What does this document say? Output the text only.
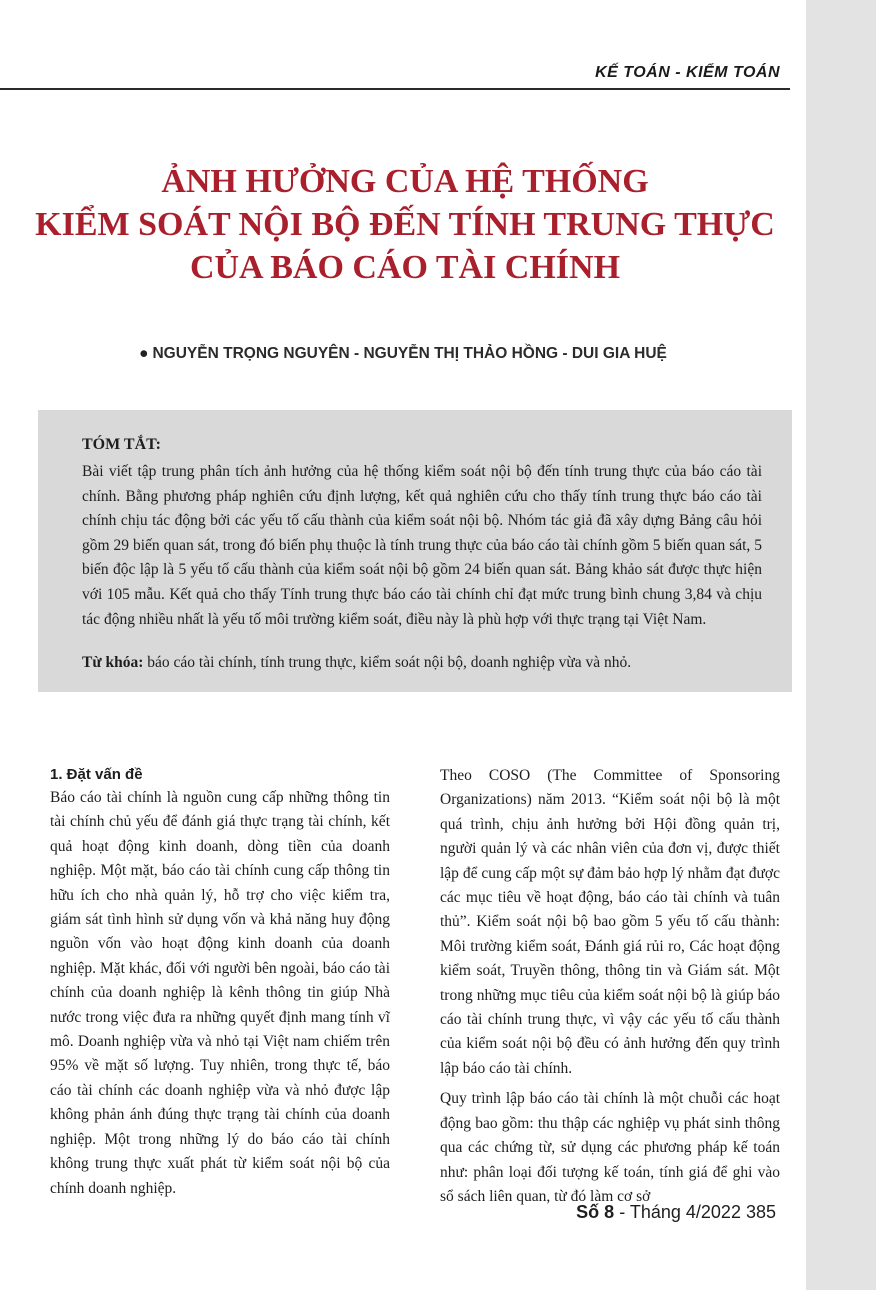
KẾ TOÁN - KIỂM TOÁN
ẢNH HƯỞNG CỦA HỆ THỐNG
KIỂM SOÁT NỘI BỘ ĐẾN TÍNH TRUNG THỰC
CỦA BÁO CÁO TÀI CHÍNH
● NGUYỄN TRỌNG NGUYÊN - NGUYỄN THỊ THẢO HỒNG - DUI GIA HUỆ
TÓM TẮT:
Bài viết tập trung phân tích ảnh hưởng của hệ thống kiểm soát nội bộ đến tính trung thực của báo cáo tài chính. Bằng phương pháp nghiên cứu định lượng, kết quả nghiên cứu cho thấy tính trung thực báo cáo tài chính chịu tác động bởi các yếu tố cấu thành của kiểm soát nội bộ. Nhóm tác giả đã xây dựng Bảng câu hỏi gồm 29 biến quan sát, trong đó biến phụ thuộc là tính trung thực của báo cáo tài chính gồm 5 biến quan sát, 5 biến độc lập là 5 yếu tố cấu thành của kiểm soát nội bộ gồm 24 biến quan sát. Bảng khảo sát được thực hiện với 105 mẫu. Kết quả cho thấy Tính trung thực báo cáo tài chính chỉ đạt mức trung bình chung 3,84 và chịu tác động nhiều nhất là yếu tố môi trường kiểm soát, điều này là phù hợp với thực trạng tại Việt Nam.
Từ khóa: báo cáo tài chính, tính trung thực, kiểm soát nội bộ, doanh nghiệp vừa và nhỏ.
1. Đặt vấn đề

Báo cáo tài chính là nguồn cung cấp những thông tin tài chính chủ yếu để đánh giá thực trạng tài chính, kết quả hoạt động kinh doanh, dòng tiền của doanh nghiệp. Một mặt, báo cáo tài chính cung cấp thông tin hữu ích cho nhà quản lý, hỗ trợ cho việc kiểm tra, giám sát tình hình sử dụng vốn và khả năng huy động nguồn vốn vào hoạt động kinh doanh của doanh nghiệp. Mặt khác, đối với người bên ngoài, báo cáo tài chính của doanh nghiệp là kênh thông tin giúp Nhà nước trong việc đưa ra những quyết định mang tính vĩ mô. Doanh nghiệp vừa và nhỏ tại Việt nam chiếm trên 95% về mặt số lượng. Tuy nhiên, trong thực tế, báo cáo tài chính các doanh nghiệp vừa và nhỏ được lập không phản ánh đúng thực trạng tài chính của doanh nghiệp. Một trong những lý do báo cáo tài chính không trung thực xuất phát từ kiểm soát nội bộ của chính doanh nghiệp.

Theo COSO (The Committee of Sponsoring Organizations) năm 2013. “Kiểm soát nội bộ là một quá trình, chịu ảnh hưởng bởi Hội đồng quản trị, người quản lý và các nhân viên của đơn vị, được thiết lập để cung cấp một sự đảm bảo hợp lý nhằm đạt được các mục tiêu về hoạt động, báo cáo tài chính và tuân thủ”. Kiểm soát nội bộ bao gồm 5 yếu tố cấu thành: Môi trường kiểm soát, Đánh giá rủi ro, Các hoạt động kiểm soát, Truyền thông, thông tin và Giám sát. Một trong những mục tiêu của kiểm soát nội bộ là giúp báo cáo tài chính trung thực, vì vậy các yếu tố cấu thành của kiểm soát nội bộ đều có ảnh hưởng đến quy trình lập báo cáo tài chính.

Quy trình lập báo cáo tài chính là một chuỗi các hoạt động bao gồm: thu thập các nghiệp vụ phát sinh thông qua các chứng từ, sử dụng các phương pháp kế toán như: phân loại đối tượng kế toán, tính giá để ghi vào sổ sách liên quan, từ đó làm cơ sở

Số 8 - Tháng 4/2022 385
